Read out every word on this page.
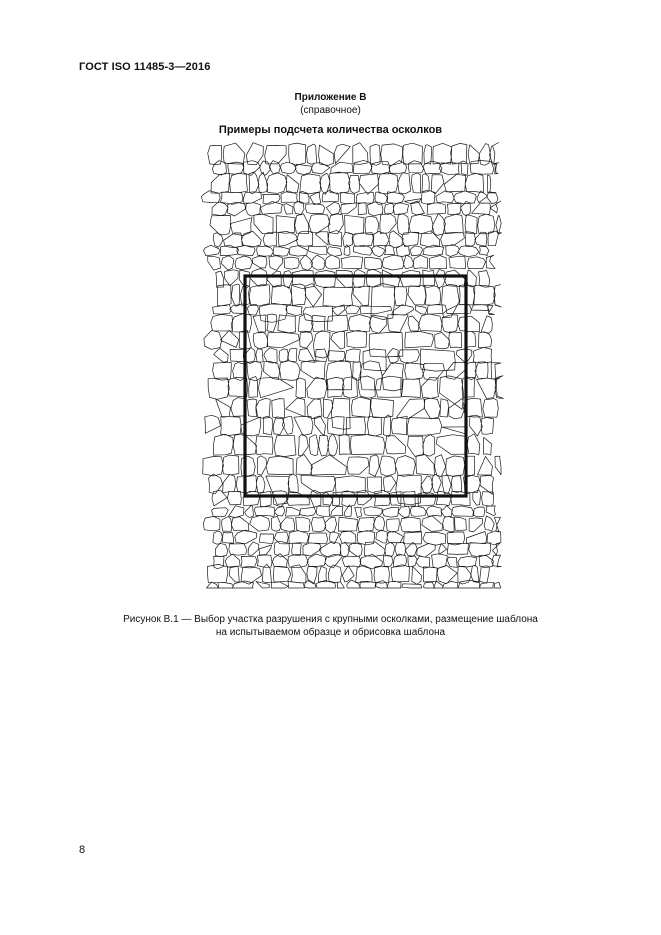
ГОСТ ISO 11485-3—2016
Приложение В
(справочное)
Примеры подсчета количества осколков
Рисунок В.1 — Выбор участка разрушения с крупными осколками, размещение шаблона
на испытываемом образце и обрисовка шаблона
8
